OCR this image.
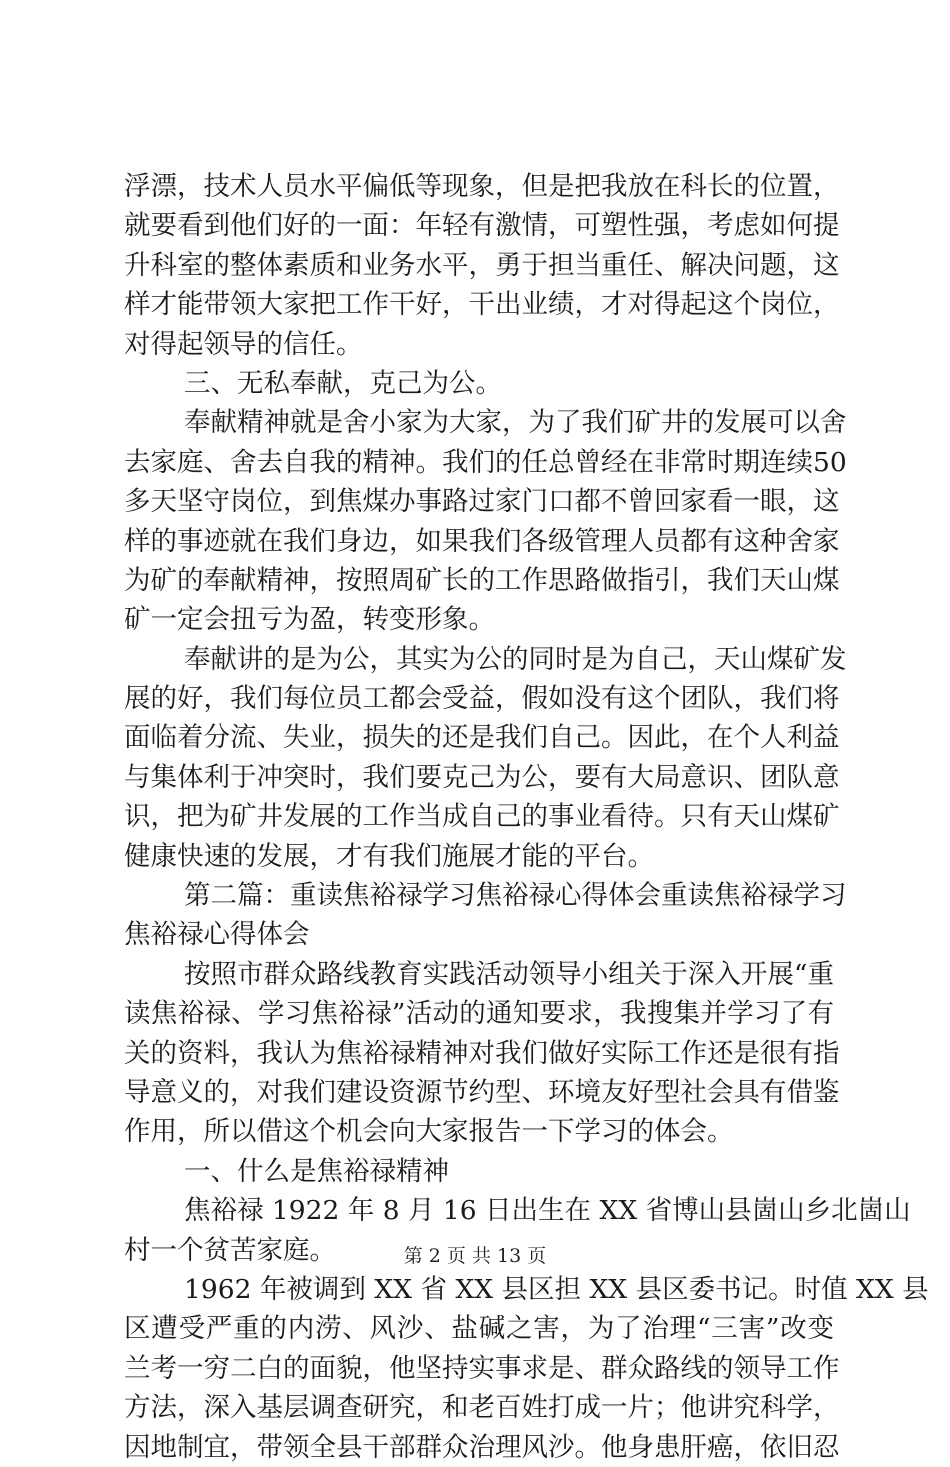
浮漂，技术人员水平偏低等现象，但是把我放在科长的位置，
就要看到他们好的一面：年轻有激情，可塑性强，考虑如何提
升科室的整体素质和业务水平，勇于担当重任、解决问题，这
样才能带领大家把工作干好，干出业绩，才对得起这个岗位，
对得起领导的信任。
三、无私奉献，克己为公。
奉献精神就是舍小家为大家，为了我们矿井的发展可以舍
去家庭、舍去自我的精神。我们的任总曾经在非常时期连续50
多天坚守岗位，到焦煤办事路过家门口都不曾回家看一眼，这
样的事迹就在我们身边，如果我们各级管理人员都有这种舍家
为矿的奉献精神，按照周矿长的工作思路做指引，我们天山煤
矿一定会扭亏为盈，转变形象。
奉献讲的是为公，其实为公的同时是为自己，天山煤矿发
展的好，我们每位员工都会受益，假如没有这个团队，我们将
面临着分流、失业，损失的还是我们自己。因此，在个人利益
与集体利于冲突时，我们要克己为公，要有大局意识、团队意
识，把为矿井发展的工作当成自己的事业看待。只有天山煤矿
健康快速的发展，才有我们施展才能的平台。
第二篇：重读焦裕禄学习焦裕禄心得体会重读焦裕禄学习
焦裕禄心得体会
按照市群众路线教育实践活动领导小组关于深入开展“重
读焦裕禄、学习焦裕禄”活动的通知要求，我搜集并学习了有
关的资料，我认为焦裕禄精神对我们做好实际工作还是很有指
导意义的，对我们建设资源节约型、环境友好型社会具有借鉴
作用，所以借这个机会向大家报告一下学习的体会。
一、什么是焦裕禄精神
焦裕禄 1922 年 8 月 16 日出生在 XX 省博山县崮山乡北崮山
村一个贫苦家庭。
1962 年被调到 XX 省 XX 县区担 XX 县区委书记。时值 XX 县
区遭受严重的内涝、风沙、盐碱之害，为了治理“三害”改变
兰考一穷二白的面貌，他坚持实事求是、群众路线的领导工作
方法，深入基层调查研究，和老百姓打成一片；他讲究科学，
因地制宜，带领全县干部群众治理风沙。他身患肝癌，依旧忍
第 2 页 共 13 页
